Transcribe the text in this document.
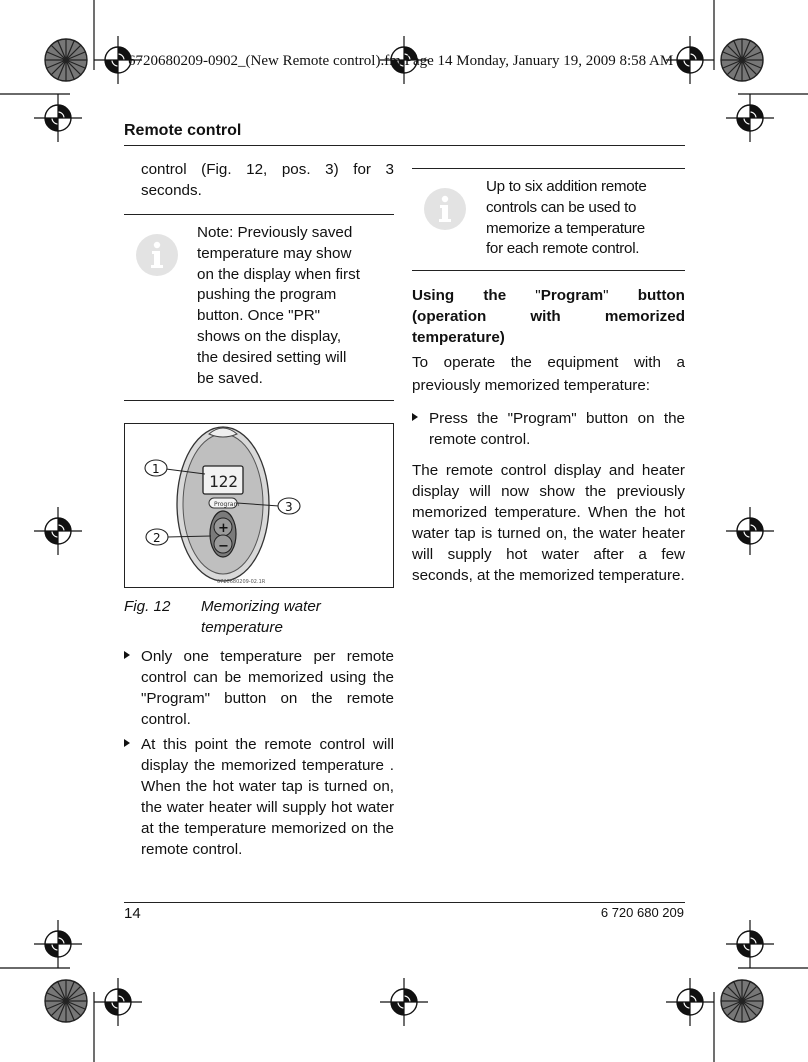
6720680209-0902_(New Remote control).fm Page 14 Monday, January 19, 2009 8:58 AM
Remote control
control (Fig. 12, pos. 3) for 3 seconds.
Note: Previously saved
temperature may show
on the display when first
pushing the program
button. Once "PR"
shows on the display,
the desired setting will
be saved.
122
Program
+
−
1
2
3
6720680209-02.1R
Fig. 12 Memorizing water
temperature
Only one temperature per remote control can be memorized using the "Program" button on the remote control.
At this point the remote control will display the memorized temperature . When the hot water tap is turned on, the water heater will supply hot water at the temperature memorized on the remote control.
Up to six addition remote
controls can be used to
memorize a temperature
for each remote control.
Using the "Program" button
(operation	with	memorized
temperature)
To operate the equipment with a previously memorized temperature:
Press the "Program" button on the remote control.
The remote control display and heater display will now show the previously memorized temperature. When the hot water tap is turned on, the water heater will supply hot water after a few seconds, at the memorized temperature.
14	6 720 680 209
